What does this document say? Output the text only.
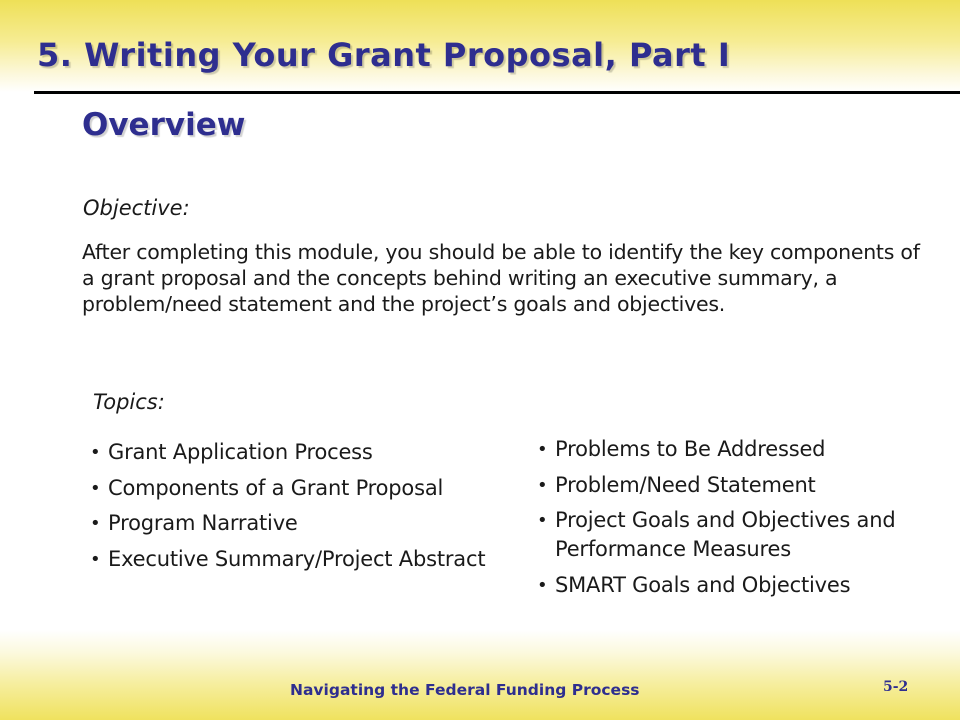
5. Writing Your Grant Proposal, Part I
Overview
Objective:

After completing this module, you should be able to identify the key components of a grant proposal and the concepts behind writing an executive summary, a problem/need statement and the project’s goals and objectives.

Topics:
• Grant Application Process
• Components of a Grant Proposal
• Program Narrative
• Executive Summary/Project Abstract
• Problems to Be Addressed
• Problem/Need Statement
• Project Goals and Objectives and Performance Measures
• SMART Goals and Objectives
Navigating the Federal Funding Process	5-2
